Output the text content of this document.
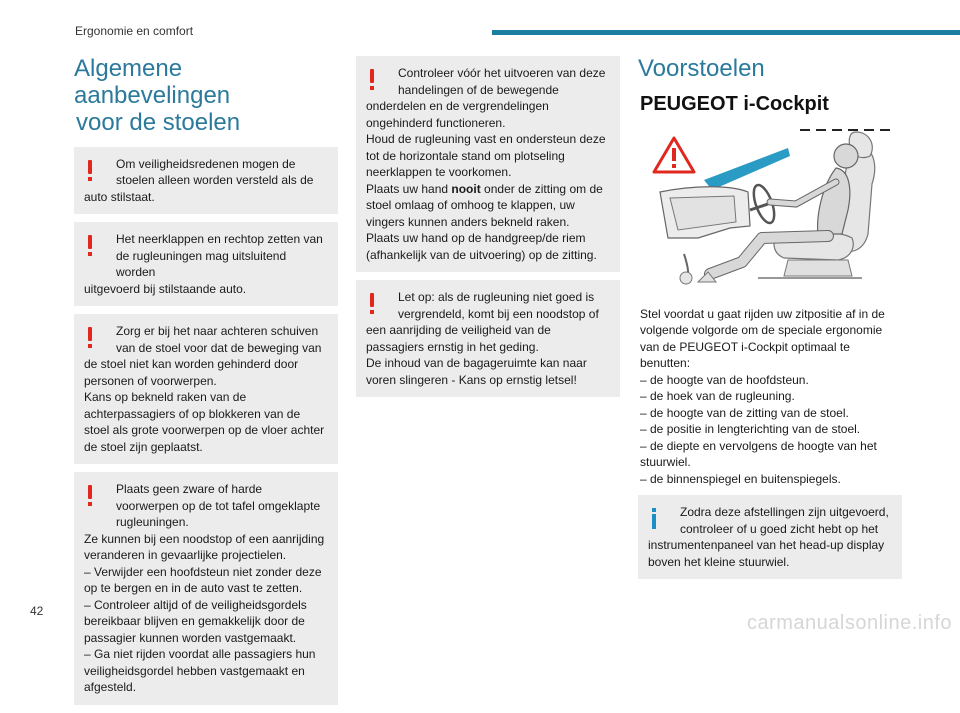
Ergonomie en comfort
Algemene aanbevelingen
voor de stoelen
Om veiligheidsredenen mogen de stoelen alleen worden versteld als de
auto stilstaat.
Het neerklappen en rechtop zetten van de rugleuningen mag uitsluitend worden
uitgevoerd bij stilstaande auto.
Zorg er bij het naar achteren schuiven van de stoel voor dat de beweging van
de stoel niet kan worden gehinderd door personen of voorwerpen.
Kans op bekneld raken van de achterpassagiers of op blokkeren van de stoel als grote voorwerpen op de vloer achter de stoel zijn geplaatst.
Plaats geen zware of harde voorwerpen op de tot tafel omgeklapte rugleuningen.
Ze kunnen bij een noodstop of een aanrijding veranderen in gevaarlijke projectielen.
– Verwijder een hoofdsteun niet zonder deze op te bergen en in de auto vast te zetten.
– Controleer altijd of de veiligheidsgordels bereikbaar blijven en gemakkelijk door de passagier kunnen worden vastgemaakt.
– Ga niet rijden voordat alle passagiers hun veiligheidsgordel hebben vastgemaakt en afgesteld.
Controleer vóór het uitvoeren van deze handelingen of de bewegende
onderdelen en de vergrendelingen ongehinderd functioneren.
Houd de rugleuning vast en ondersteun deze tot de horizontale stand om plotseling neerklappen te voorkomen.
Plaats uw hand nooit onder de zitting om de stoel omlaag of omhoog te klappen, uw vingers kunnen anders bekneld raken.
Plaats uw hand op de handgreep/de riem (afhankelijk van de uitvoering) op de zitting.
Let op: als de rugleuning niet goed is vergrendeld, komt bij een noodstop of
een aanrijding de veiligheid van de passagiers ernstig in het geding.
De inhoud van de bagageruimte kan naar voren slingeren - Kans op ernstig letsel!
Voorstoelen
PEUGEOT i-Cockpit
Stel voordat u gaat rijden uw zitpositie af in de volgende volgorde om de speciale ergonomie van de PEUGEOT i-Cockpit optimaal te benutten:
– de hoogte van de hoofdsteun.
– de hoek van de rugleuning.
– de hoogte van de zitting van de stoel.
– de positie in lengterichting van de stoel.
– de diepte en vervolgens de hoogte van het stuurwiel.
– de binnenspiegel en buitenspiegels.
Zodra deze afstellingen zijn uitgevoerd, controleer of u goed zicht hebt op het
instrumentenpaneel van het head-up display boven het kleine stuurwiel.
42
carmanualsonline.info
